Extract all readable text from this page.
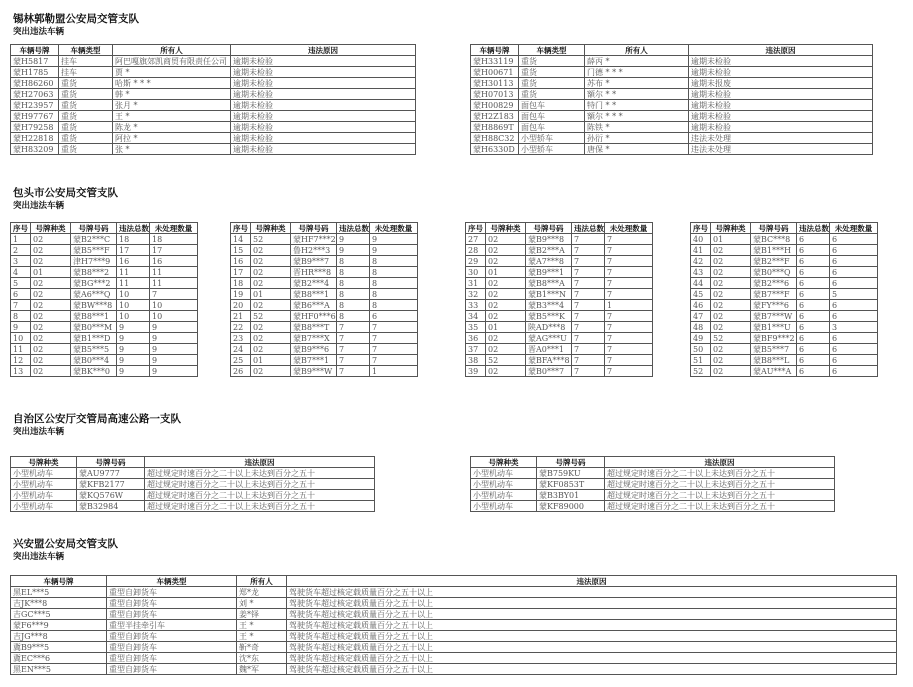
锡林郭勒盟公安局交管支队
突出违法车辆
包头市公安局交管支队
突出违法车辆
自治区公安厅交管局高速公路一支队
突出违法车辆
兴安盟公安局交管支队
突出违法车辆
车辆号牌	车辆类型	所有人	违法原因
蒙H5817	挂车	阿巴嘎旗郊凯商贸有限责任公司	逾期未检验
蒙H1785	挂车	贾 *	逾期未检验
蒙H86260	重货	哈斯 * * *	逾期未检验
蒙H27063	重货	韩 *	逾期未检验
蒙H23957	重货	张月 *	逾期未检验
蒙H97767	重货	王 *	逾期未检验
蒙H79258	重货	陈龙 *	逾期未检验
蒙H22818	重货	阿拉 *	逾期未检验
蒙H83209	重货	张 *	逾期未检验
车辆号牌	车辆类型	所有人	违法原因
蒙H33119	重货	薛丙 *	逾期未检验
蒙H00671	重货	门德 * * *	逾期未检验
蒙H30113	重货	苏布 *	逾期未报废
蒙H07013	重货	額尔 * *	逾期未检验
蒙H00829	面包车	特门 * *	逾期未检验
蒙H2Z183	面包车	額尔 * * *	逾期未检验
蒙H8869T	面包车	陈铁 *	逾期未检验
蒙H88C32	小型轿车	孙衍 *	违法未处理
蒙H6330D	小型轿车	唐保 *	违法未处理
序号	号牌种类	号牌号码	违法总数	未处理数量
1	02	蒙B2***C	18	18
2	02	蒙B5***F	17	17
3	02	津H7***9	16	16
4	01	蒙B8***2	11	11
5	02	蒙BG***2	11	11
6	02	蒙A6***Q	10	7
7	02	蒙BW***8	10	10
8	02	蒙B8***1	10	10
9	02	蒙B0***M	9	9
10	02	蒙B1***D	9	9
11	02	蒙B5***5	9	9
12	02	蒙B0***4	9	9
13	02	蒙BK***0	9	9
序号	号牌种类	号牌号码	违法总数	未处理数量
14	52	蒙HF7***2	9	9
15	02	鲁H2***3	9	9
16	02	蒙B9***7	8	8
17	02	晋HR***8	8	8
18	02	蒙B2***4	8	8
19	01	蒙B8***1	8	8
20	02	蒙B6***A	8	8
21	52	蒙HF0***6	8	6
22	02	蒙B8***T	7	7
23	02	蒙B7***X	7	7
24	02	蒙B9***6	7	7
25	01	蒙B7***1	7	7
26	02	蒙B9***W	7	1
序号	号牌种类	号牌号码	违法总数	未处理数量
27	02	蒙B9***8	7	7
28	02	蒙B2***A	7	7
29	02	蒙A7***8	7	7
30	01	蒙B9***1	7	7
31	02	蒙B8***A	7	7
32	02	蒙B1***N	7	7
33	02	蒙B3***4	7	1
34	02	蒙B5***K	7	7
35	01	陕AD***8	7	7
36	02	蒙AG***U	7	7
37	02	晋A0***1	7	7
38	52	蒙BFA***8	7	7
39	02	蒙B0***7	7	7
序号	号牌种类	号牌号码	违法总数	未处理数量
40	01	蒙BC***8	6	6
41	02	蒙B1***H	6	6
42	02	蒙B2***F	6	6
43	02	蒙B0***Q	6	6
44	02	蒙B2***6	6	6
45	02	蒙B7***F	6	5
46	02	蒙FY***6	6	6
47	02	蒙B7***W	6	6
48	02	蒙B1***U	6	3
49	52	蒙BF9***2	6	6
50	02	蒙B5***7	6	6
51	02	蒙B8***L	6	6
52	02	蒙AU***A	6	6
号牌种类	号牌号码	违法原因
小型机动车	蒙AU9777	超过规定时速百分之二十以上未达到百分之五十
小型机动车	蒙KFB2177	超过规定时速百分之二十以上未达到百分之五十
小型机动车	蒙KQ576W	超过规定时速百分之二十以上未达到百分之五十
小型机动车	蒙B32984	超过规定时速百分之二十以上未达到百分之五十
号牌种类	号牌号码	违法原因
小型机动车	蒙B759KU	超过规定时速百分之二十以上未达到百分之五十
小型机动车	蒙KF0853T	超过规定时速百分之二十以上未达到百分之五十
小型机动车	蒙B3BY01	超过规定时速百分之二十以上未达到百分之五十
小型机动车	蒙KF89000	超过规定时速百分之二十以上未达到百分之五十
车辆号牌	车辆类型	所有人	违法原因
黑EL***5	重型自卸货车	郑*龙	驾驶货车超过核定载质量百分之五十以上
吉JK***8	重型自卸货车	刘 *	驾驶货车超过核定载质量百分之五十以上
吉GC***5	重型自卸货车	姜*铎	驾驶货车超过核定载质量百分之五十以上
蒙F6***9	重型半挂牵引车	王 *	驾驶货车超过核定载质量百分之五十以上
吉JG***8	重型自卸货车	王 *	驾驶货车超过核定载质量百分之五十以上
冀B9***5	重型自卸货车	靳*奇	驾驶货车超过核定载质量百分之五十以上
冀EC***6	重型自卸货车	沈*东	驾驶货车超过核定载质量百分之五十以上
黑EN***5	重型自卸货车	魏*军	驾驶货车超过核定载质量百分之五十以上
